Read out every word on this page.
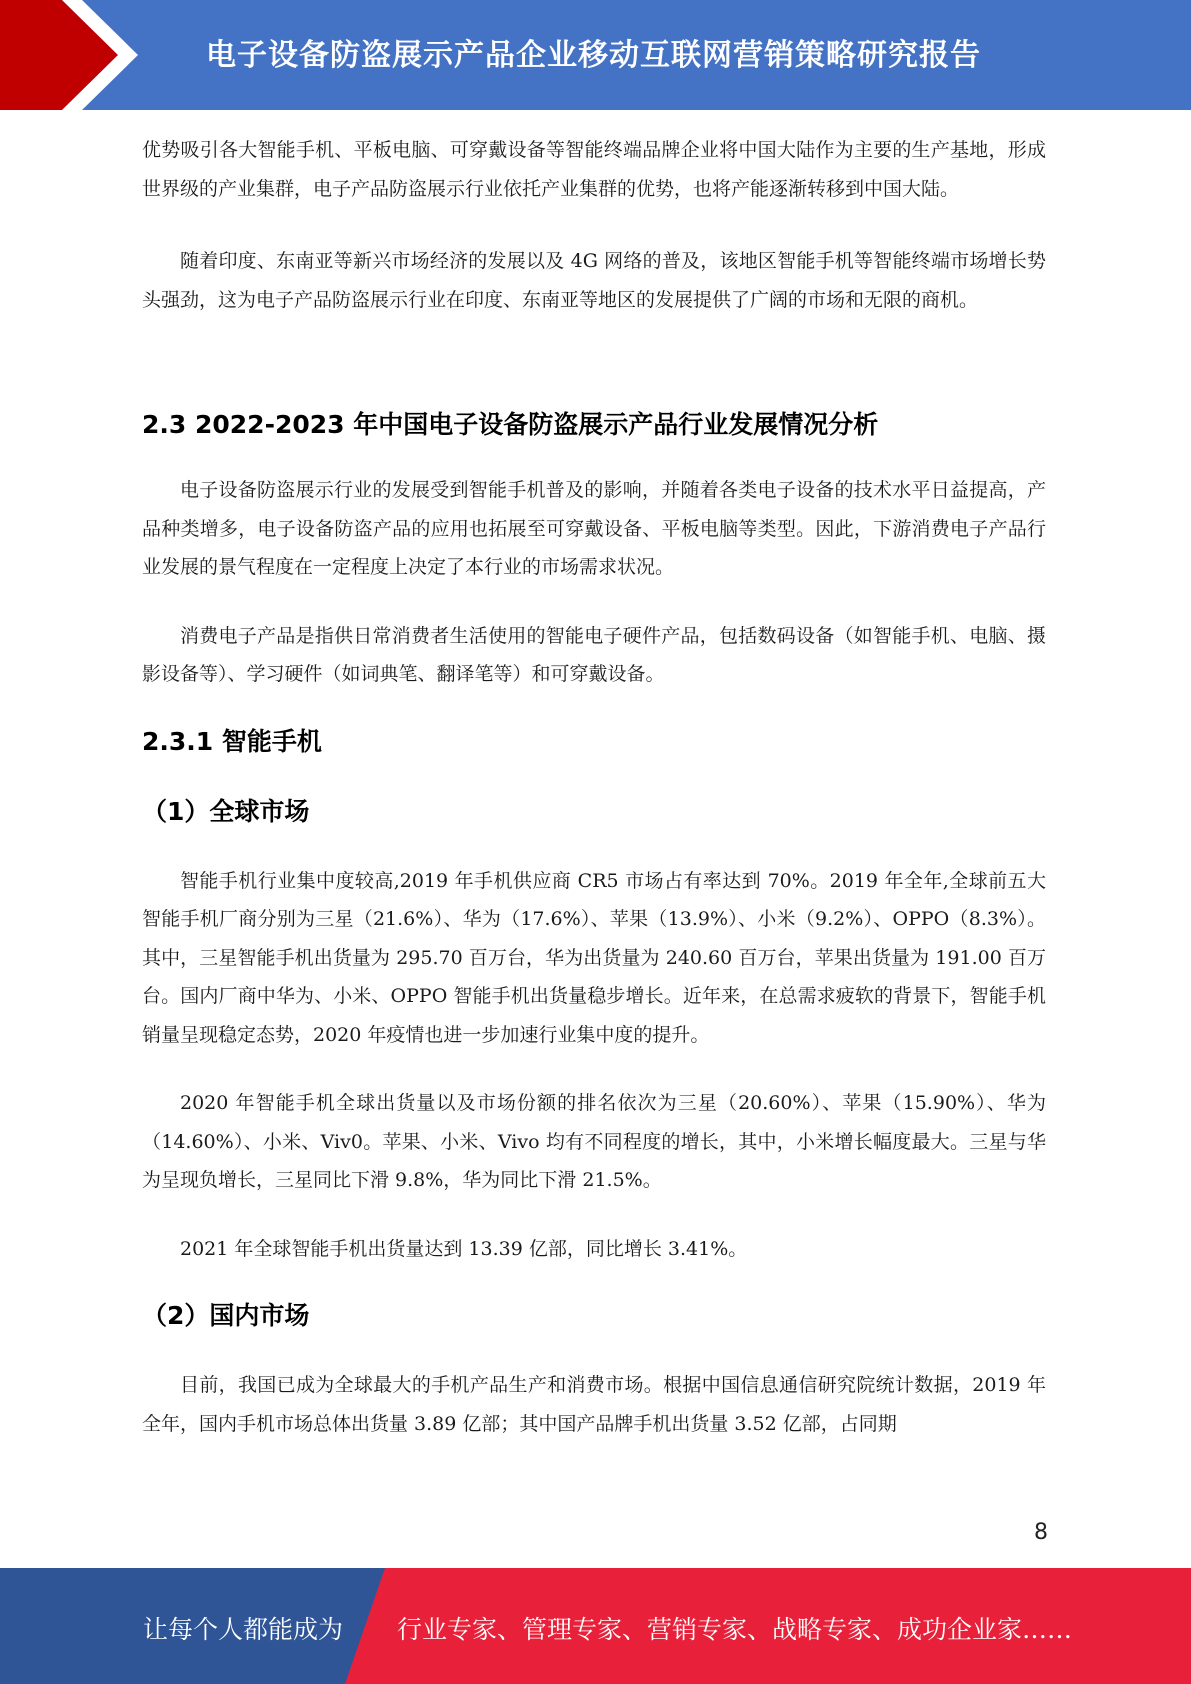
电子设备防盗展示产品企业移动互联网营销策略研究报告

优势吸引各大智能手机、平板电脑、可穿戴设备等智能终端品牌企业将中国大陆作为主要的生产基地，形成世界级的产业集群，电子产品防盗展示行业依托产业集群的优势，也将产能逐渐转移到中国大陆。

随着印度、东南亚等新兴市场经济的发展以及 4G 网络的普及，该地区智能手机等智能终端市场增长势头强劲，这为电子产品防盗展示行业在印度、东南亚等地区的发展提供了广阔的市场和无限的商机。

2.3 2022-2023 年中国电子设备防盗展示产品行业发展情况分析

电子设备防盗展示行业的发展受到智能手机普及的影响，并随着各类电子设备的技术水平日益提高，产品种类增多，电子设备防盗产品的应用也拓展至可穿戴设备、平板电脑等类型。因此，下游消费电子产品行业发展的景气程度在一定程度上决定了本行业的市场需求状况。

消费电子产品是指供日常消费者生活使用的智能电子硬件产品，包括数码设备（如智能手机、电脑、摄影设备等）、学习硬件（如词典笔、翻译笔等）和可穿戴设备。

2.3.1 智能手机
（1）全球市场

智能手机行业集中度较高,2019 年手机供应商 CR5 市场占有率达到 70%。2019 年全年,全球前五大智能手机厂商分别为三星（21.6%）、华为（17.6%）、苹果（13.9%）、小米（9.2%）、OPPO（8.3%）。其中，三星智能手机出货量为 295.70 百万台，华为出货量为 240.60 百万台，苹果出货量为 191.00 百万台。国内厂商中华为、小米、OPPO 智能手机出货量稳步增长。近年来，在总需求疲软的背景下，智能手机销量呈现稳定态势，2020 年疫情也进一步加速行业集中度的提升。

2020 年智能手机全球出货量以及市场份额的排名依次为三星（20.60%）、苹果（15.90%）、华为（14.60%）、小米、Viv0。苹果、小米、Vivo 均有不同程度的增长，其中，小米增长幅度最大。三星与华为呈现负增长，三星同比下滑 9.8%，华为同比下滑 21.5%。

2021 年全球智能手机出货量达到 13.39 亿部，同比增长 3.41%。

（2）国内市场

目前，我国已成为全球最大的手机产品生产和消费市场。根据中国信息通信研究院统计数据，2019 年全年，国内手机市场总体出货量 3.89 亿部；其中国产品牌手机出货量 3.52 亿部，占同期

8
让每个人都能成为 行业专家、管理专家、营销专家、战略专家、成功企业家……
